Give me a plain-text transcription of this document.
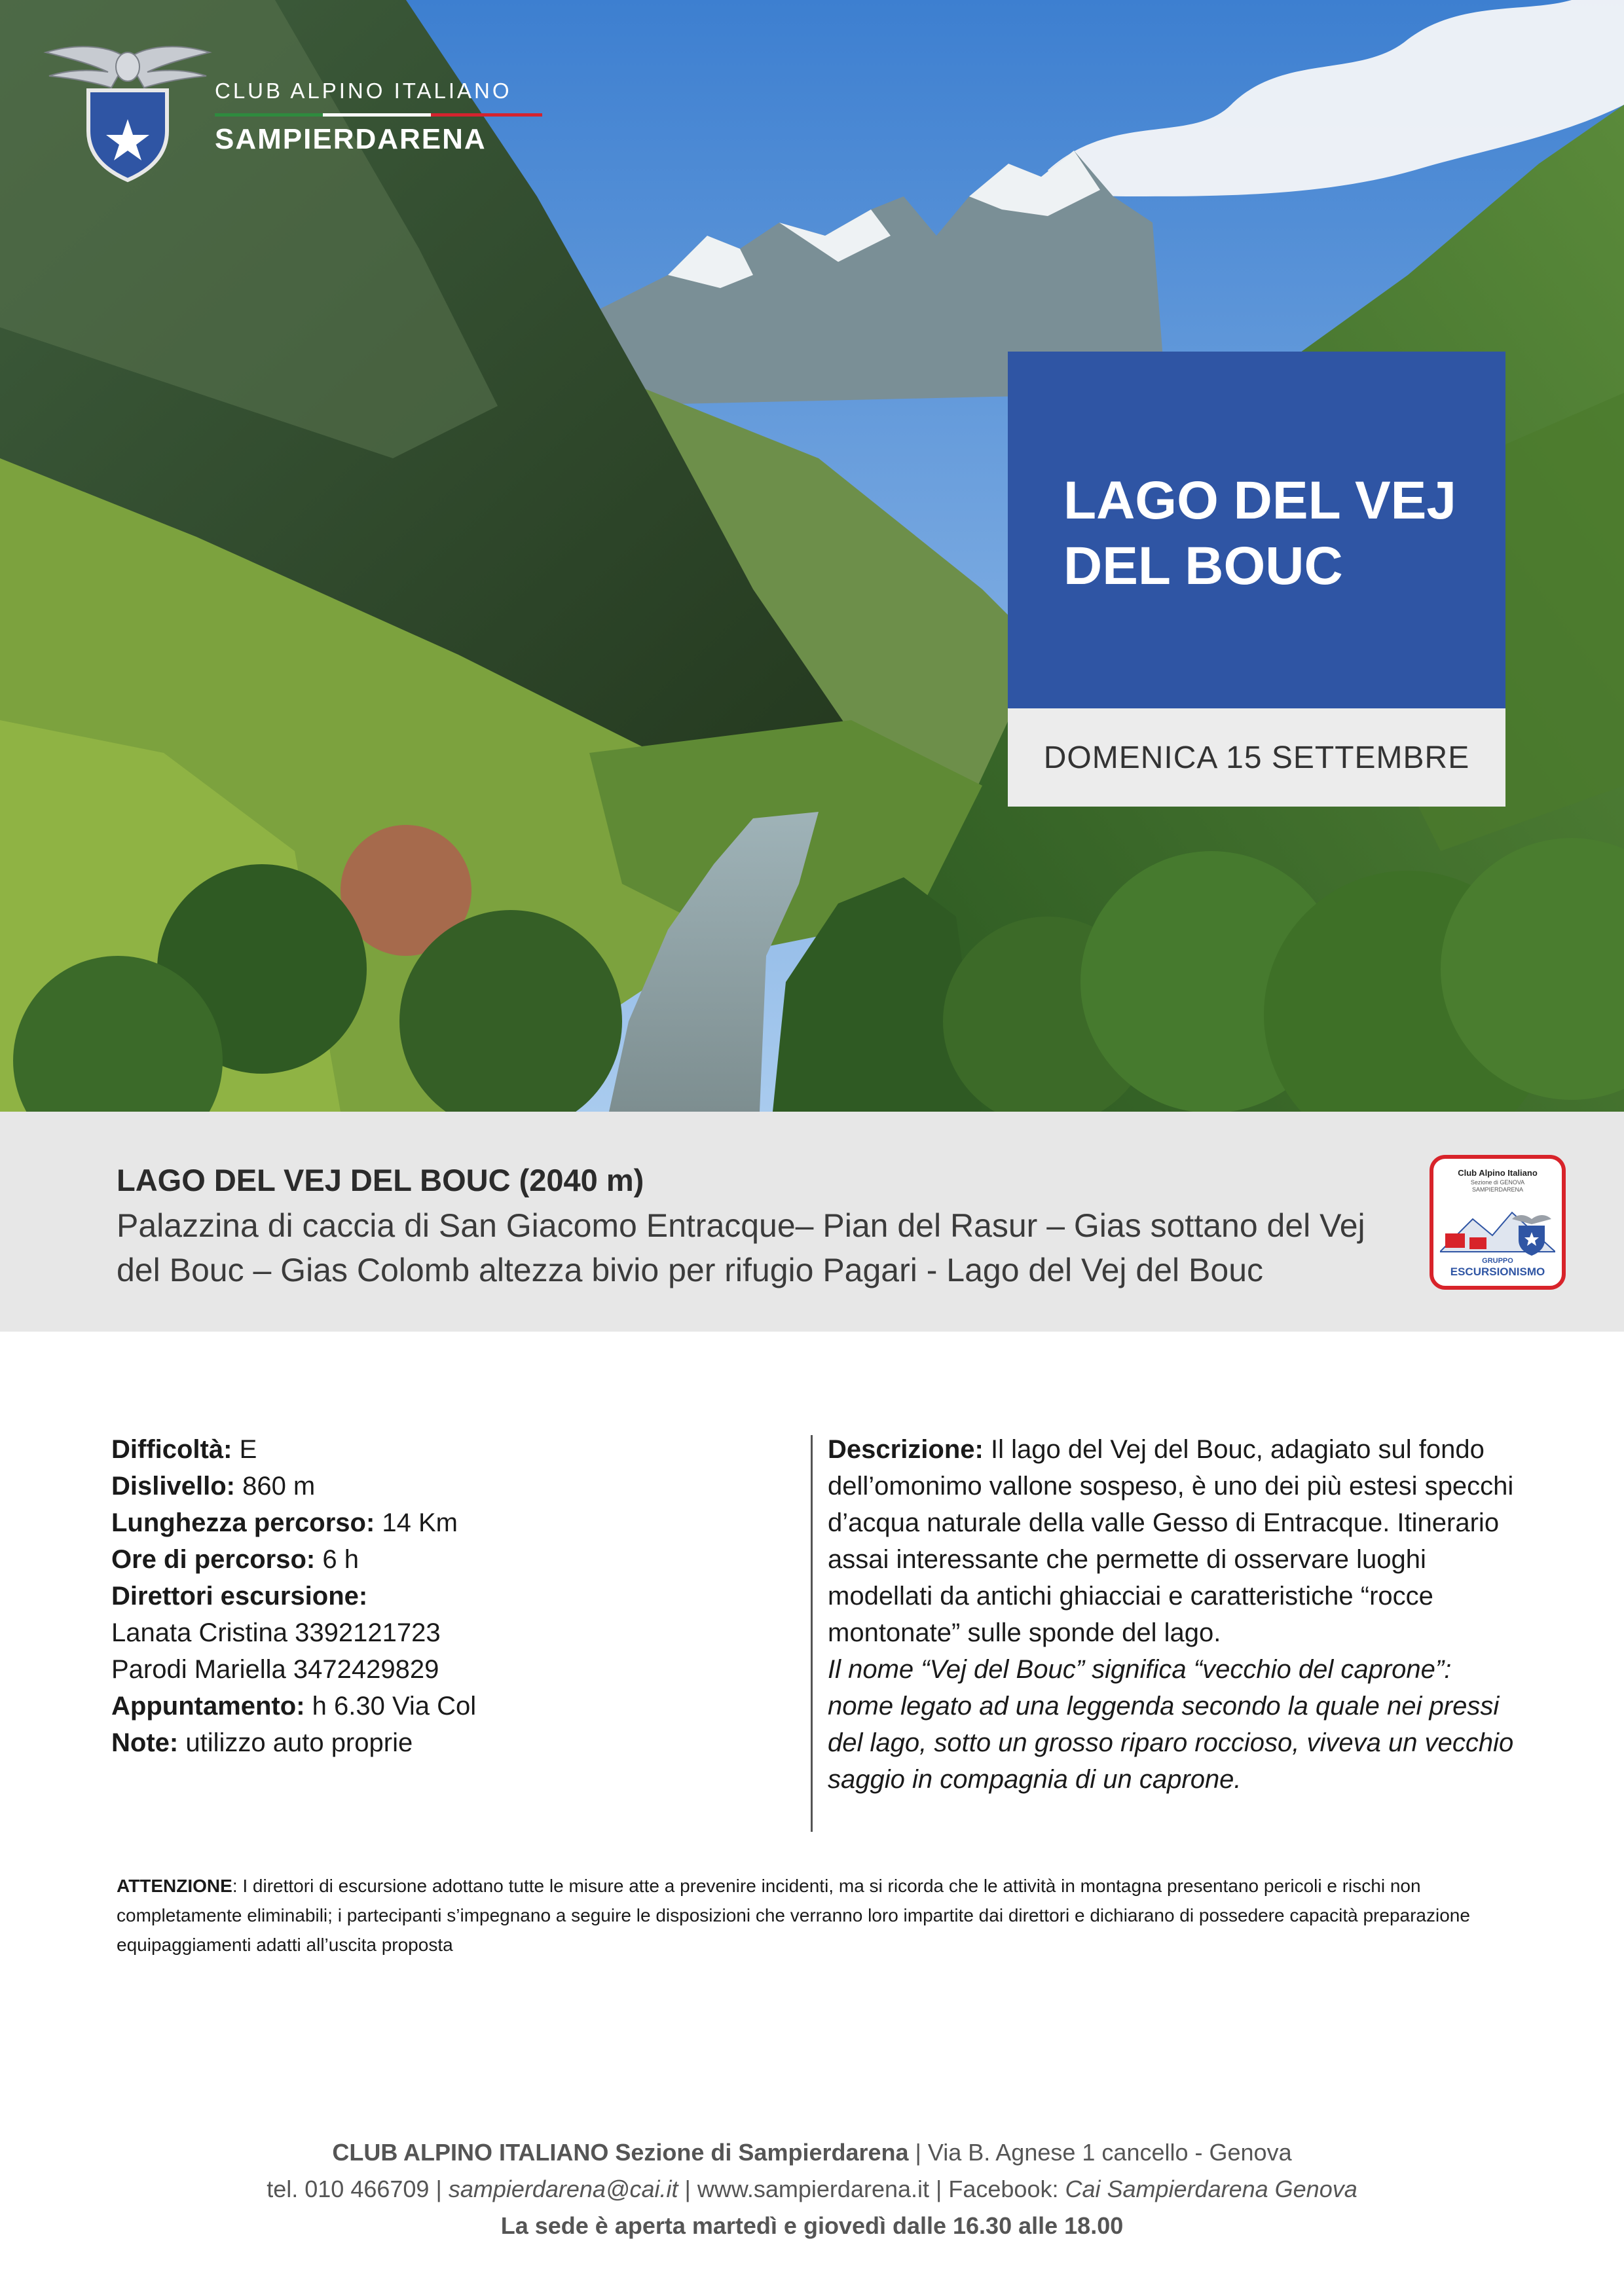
CLUB ALPINO ITALIANO
SAMPIERDARENA
LAGO DEL VEJ DEL BOUC
DOMENICA 15 SETTEMBRE
LAGO DEL VEJ DEL BOUC (2040 m)
Palazzina di caccia di San Giacomo Entracque– Pian del Rasur – Gias sottano del Vej del Bouc – Gias Colomb altezza bivio per rifugio Pagari - Lago del Vej del Bouc
Club Alpino Italiano
Sezione di GENOVA
SAMPIERDARENA
GRUPPO
ESCURSIONISMO
Difficoltà: E
Dislivello: 860 m
Lunghezza percorso: 14 Km
Ore di percorso: 6 h
Direttori escursione:
Lanata Cristina 3392121723
Parodi Mariella 3472429829
Appuntamento: h 6.30 Via Col
Note: utilizzo auto proprie
Descrizione: Il lago del Vej del Bouc, adagiato sul fondo dell’omonimo vallone sospeso, è uno dei più estesi specchi d’acqua naturale della valle Gesso di Entracque. Itinerario assai interessante che permette di osservare luoghi modellati da antichi ghiacciai e caratteristiche “rocce montonate” sulle sponde del lago.
Il nome “Vej del Bouc” significa “vecchio del caprone”: nome legato ad una leggenda secondo la quale nei pressi del lago, sotto un grosso riparo roccioso, viveva un vecchio saggio in compagnia di un caprone.
ATTENZIONE: I direttori di escursione adottano tutte le misure atte a prevenire incidenti, ma si ricorda che le attività in montagna presentano pericoli e rischi non completamente eliminabili; i partecipanti s’impegnano a seguire le disposizioni che verranno loro impartite dai direttori e dichiarano di possedere capacità preparazione equipaggiamenti adatti all’uscita proposta
CLUB ALPINO ITALIANO Sezione di Sampierdarena | Via B. Agnese 1 cancello - Genova
tel. 010 466709 | sampierdarena@cai.it | www.sampierdarena.it | Facebook: Cai Sampierdarena Genova
La sede è aperta martedì e giovedì dalle 16.30 alle 18.00
